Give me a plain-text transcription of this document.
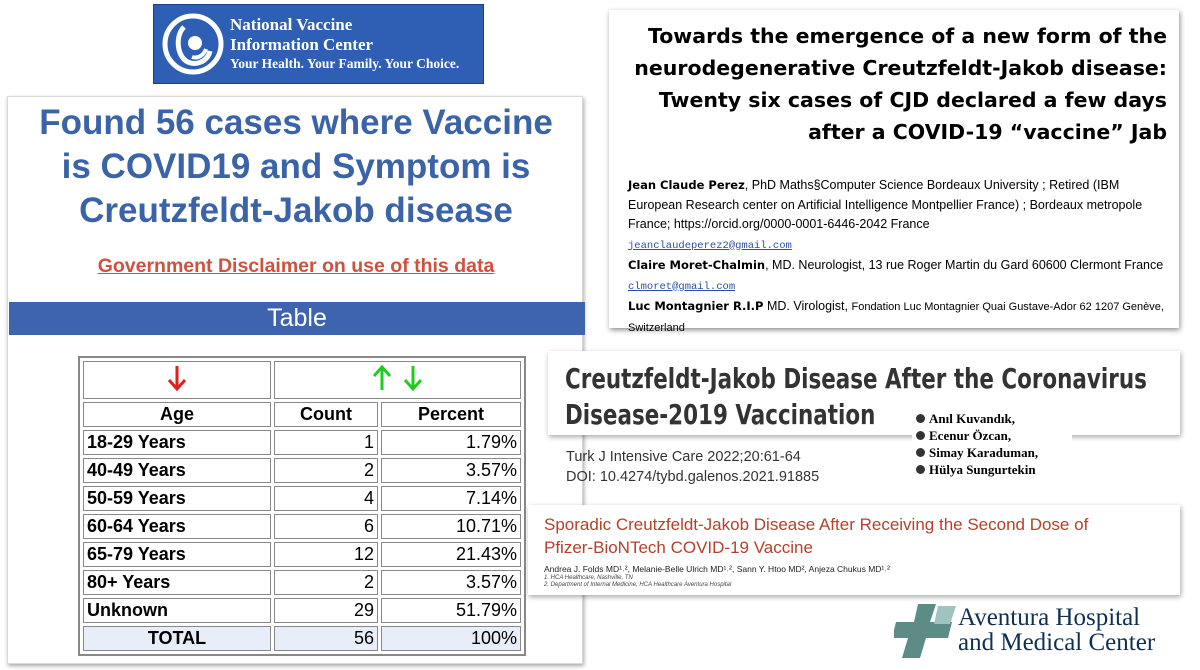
National Vaccine
Information Center
Your Health. Your Family. Your Choice.
Found 56 cases where Vaccine
is COVID19 and Symptom is
Creutzfeldt-Jakob disease
Government Disclaimer on use of this data
Table

Age	Count	Percent
18-29 Years	1	1.79%
40-49 Years	2	3.57%
50-59 Years	4	7.14%
60-64 Years	6	10.71%
65-79 Years	12	21.43%
80+ Years	2	3.57%
Unknown	29	51.79%
TOTAL	56	100%
Towards the emergence of a new form of the
neurodegenerative Creutzfeldt-Jakob disease:
Twenty six cases of CJD declared a few days
after a COVID-19 “vaccine” Jab
Jean Claude Perez, PhD Maths§Computer Science Bordeaux University ; Retired (IBM European Research center on Artificial Intelligence Montpellier France) ; Bordeaux metropole France; https://orcid.org/0000-0001-6446-2042 France
jeanclaudeperez2@gmail.com
Claire Moret-Chalmin, MD. Neurologist, 13 rue Roger Martin du Gard 60600 Clermont France clmoret@gmail.com
Luc Montagnier R.I.P MD. Virologist, Fondation Luc Montagnier Quai Gustave-Ador 62 1207 Genève, Switzerland
Creutzfeldt-Jakob Disease After the Coronavirus
Disease-2019 Vaccination
Turk J Intensive Care 2022;20:61-64
DOI: 10.4274/tybd.galenos.2021.91885
Anıl Kuvandık,
Ecenur Özcan,
Simay Karaduman,
Hülya Sungurtekin
Sporadic Creutzfeldt-Jakob Disease After Receiving the Second Dose of
Pfizer-BioNTech COVID-19 Vaccine
Andrea J. Folds MD¹˒², Melanie-Belle Ulrich MD¹˒², Sann Y. Htoo MD², Anjeza Chukus MD¹˒²
1. HCA Healthcare, Nashville, TN
2. Department of Internal Medicine, HCA Healthcare Aventura Hospital
Aventura Hospital
and Medical Center
